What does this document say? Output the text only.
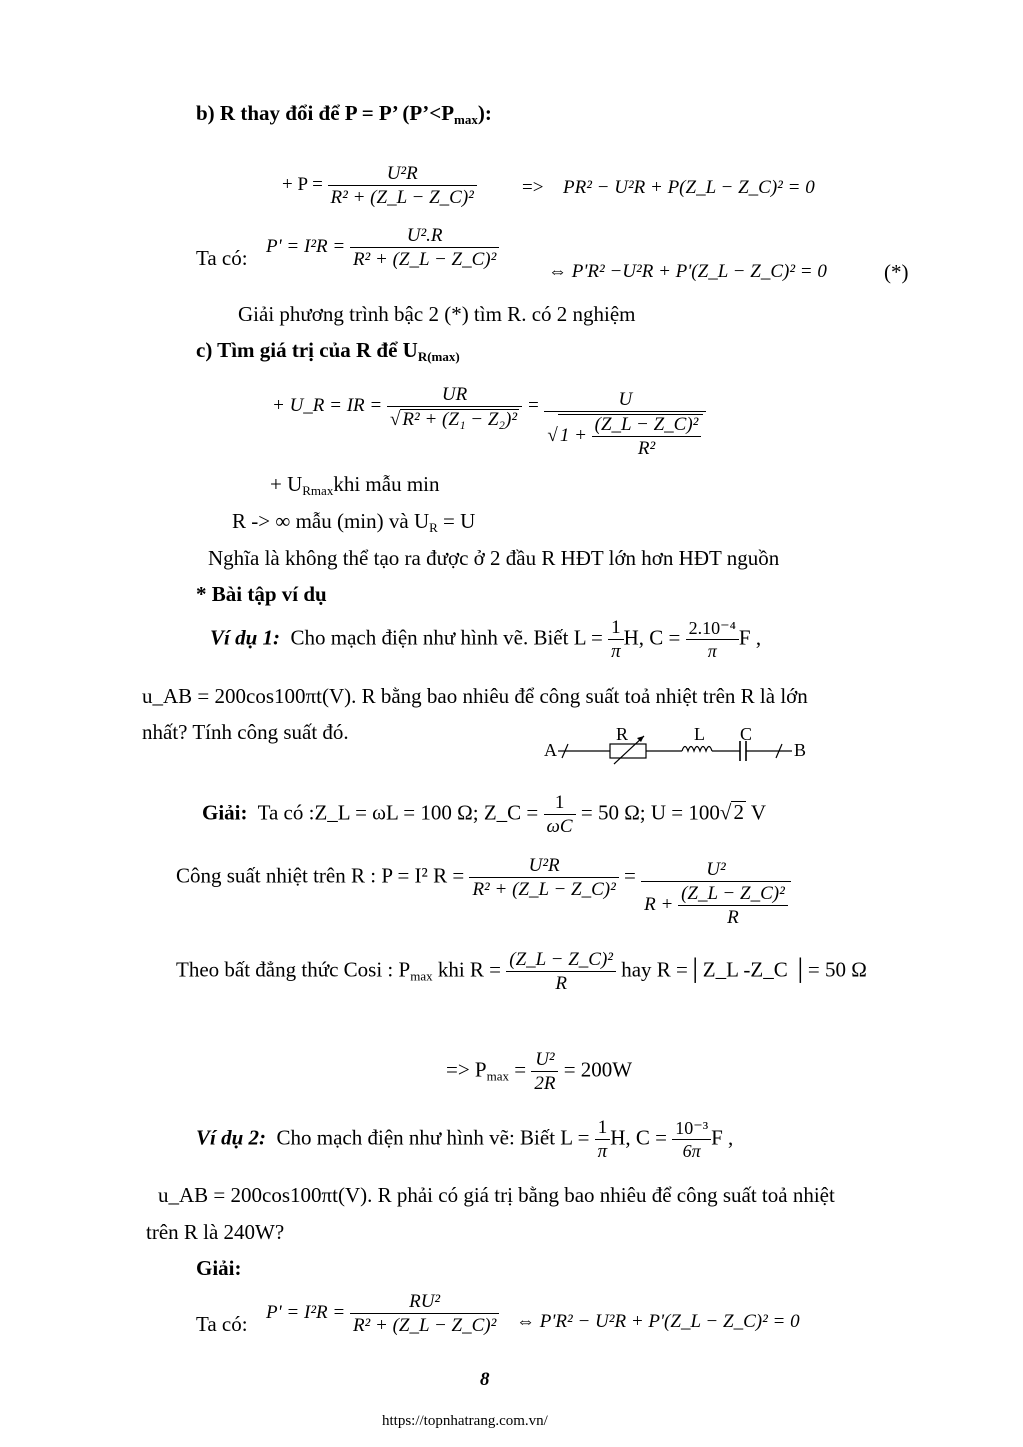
b) R thay đổi để P = P’ $(P’<P_{max})$:
+ $P = \frac{\text{U²R}}{\text{R² + (Z\_L − Z\_C)²}} => PR^2 - U^2R$ + P(Z_L − Z_C)² = 0
Ta có: $P' = I^2R = \frac{\text{U².R}}{\text{R² + (Z\_L − Z\_C)²}}$
⇔ P'R² −U²R + P'(Z_L − Z_C)² = 0	(*)
Giải phương trình bậc 2 (*) tìm R. có 2 nghiệm
c) Tìm giá trị của R để $U_{R(max)}$
+ U_R = IR = $\frac{UR}{\text{√ R² + (Z₁ − Z₂)²}} = \frac{U}{√ 1 + \frac{\text{(Z\_L − Z\_C)²}}{\text{R²}}}$
+ $U_{Rmax}khi$ mẫu min
R -> ∞ mẫu (min) và $U_R = U$
Nghĩa là không thể tạo ra được ở 2 đầu R HĐT lớn hơn HĐT nguồn
* Bài tập ví dụ
Ví dụ 1: Cho mạch điện như hình vẽ. Biết $L = \frac{1}{\pi} H$, $C = \frac{\text{2.10⁻⁴}}{\pi}$ F ,
u_AB = 200cos100πt(V). R bằng bao nhiêu để công suất toả nhiệt trên R là lớn
nhất? Tính công suất đó.
A
R	L C
B
Giải: Ta có :Z_L = ωL = 100 Ω; Z_C = $\frac{1}{\omega C} = 50$ Ω; U = 100√2 V
Công suất nhiệt trên R : P = I² $R = \frac{\text{U²R}}{\text{R² + (Z\_L − Z\_C)²}} = \frac{\text{U²}}{R + \frac{\text{(Z\_L − Z\_C)²}}{R}}$
Theo bất đẳng thức Cosi : $P_{max}$ khi $R = \frac{\text{(Z\_L − Z\_C)²}}{R}$ hay R =│Z_L -Z_C │= 50 Ω
=> $P_{max} = \frac{\text{U²}}{2R} = 200W$
Ví dụ 2: Cho mạch điện như hình vẽ: Biết $L = \frac{1}{\pi} H$, $C = \frac{\text{10⁻³}}{6\pi}$ F ,
u_AB = 200cos100πt(V). R phải có giá trị bằng bao nhiêu để công suất toả nhiệt
trên R là 240W?
Giải:
Ta có: $P' = I^2R = \frac{\text{RU²}}{\text{R² + (Z\_L − Z\_C)²}}$ ⇔ P'R² − U²R + P'(Z_L − Z_C)² = 0
8
https://topnhatrang.com.vn/
